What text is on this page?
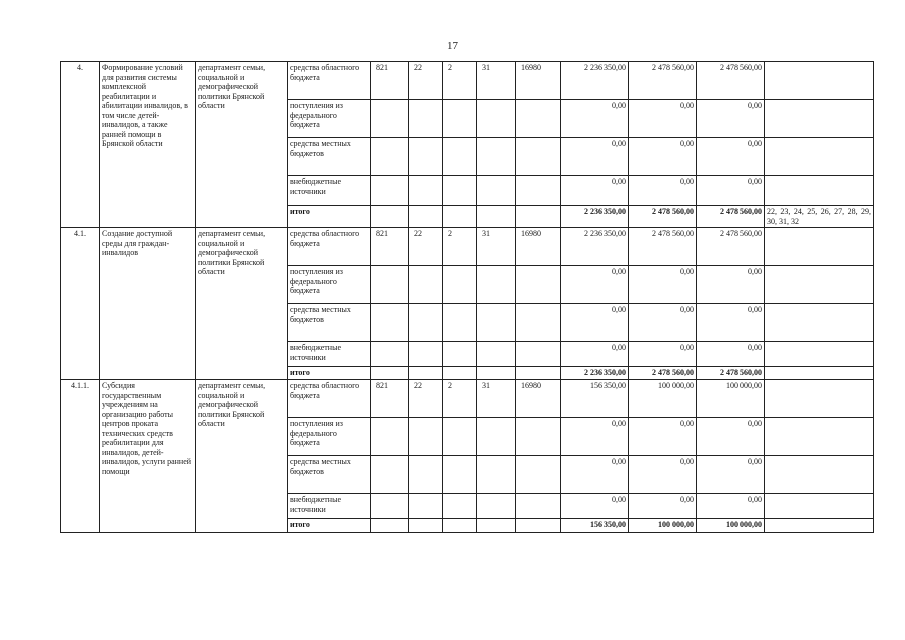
17
4.	Формирование условий для развития системы комплексной реабилитации и абилитации инвалидов, в том числе детей-инвалидов, а также ранней помощи в Брянской области	департамент семьи, социальной и демографической политики Брянской области	средства областного бюджета	821	22	2	31	16980	2 236 350,00	2 478 560,00	2 478 560,00	
			поступления из федерального бюджета						0,00	0,00	0,00	
			средства местных бюджетов						0,00	0,00	0,00	
			внебюджетные источники						0,00	0,00	0,00	
			итого						2 236 350,00	2 478 560,00	2 478 560,00	22, 23, 24, 25, 26, 27, 28, 29, 30, 31, 32
4.1.	Создание доступной среды для граждан-инвалидов	департамент семьи, социальной и демографической политики Брянской области	средства областного бюджета	821	22	2	31	16980	2 236 350,00	2 478 560,00	2 478 560,00	
			поступления из федерального бюджета						0,00	0,00	0,00	
			средства местных бюджетов						0,00	0,00	0,00	
			внебюджетные источники						0,00	0,00	0,00	
			итого						2 236 350,00	2 478 560,00	2 478 560,00	
4.1.1.	Субсидия государственным учреждениям на организацию работы центров проката технических средств реабилитации для инвалидов, детей-инвалидов, услуги ранней помощи	департамент семьи, социальной и демографической политики Брянской области	средства областного бюджета	821	22	2	31	16980	156 350,00	100 000,00	100 000,00	
			поступления из федерального бюджета						0,00	0,00	0,00	
			средства местных бюджетов						0,00	0,00	0,00	
			внебюджетные источники						0,00	0,00	0,00	
			итого						156 350,00	100 000,00	100 000,00	
